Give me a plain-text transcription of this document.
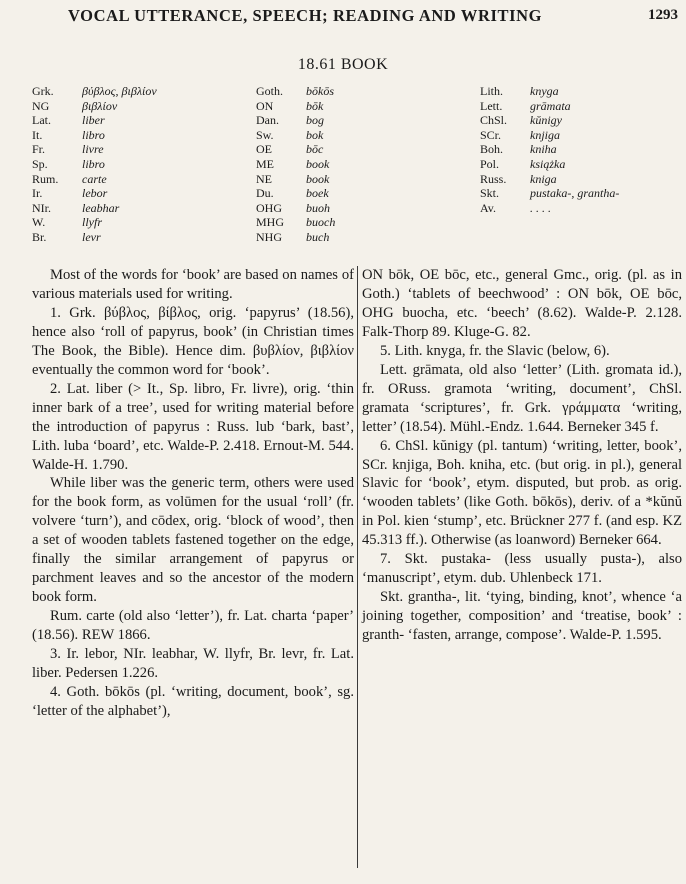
VOCAL UTTERANCE, SPEECH; READING AND WRITING	1293
18.61 BOOK
Grk.	βύβλος, βιβλίον
NG	βιβλίον
Lat.	liber
It.	libro
Fr.	livre
Sp.	libro
Rum.	carte
Ir.	lebor
NIr.	leabhar
W.	llyfr
Br.	levr
Goth.	bōkōs
ON	bōk
Dan.	bog
Sw.	bok
OE	bōc
ME	book
NE	book
Du.	boek
OHG	buoh
MHG	buoch
NHG	buch
Lith.	knyga
Lett.	grāmata
ChSl.	kŭnigy
SCr.	knjiga
Boh.	kniha
Pol.	książka
Russ.	kniga
Skt.	pustaka-, grantha-
Av.	. . . .

Most of the words for ‘book’ are based on names of various materials used for writing.

1. Grk. βύβλος, βίβλος, orig. ‘papyrus’ (18.56), hence also ‘roll of papyrus, book’ (in Christian times The Book, the Bible). Hence dim. βυβλίον, βιβλίον eventually the common word for ‘book’.

2. Lat. liber (> It., Sp. libro, Fr. livre), orig. ‘thin inner bark of a tree’, used for writing material before the introduction of papyrus : Russ. lub ‘bark, bast’, Lith. luba ‘board’, etc. Walde-P. 2.418. Ernout-M. 544. Walde-H. 1.790.

While liber was the generic term, others were used for the book form, as volūmen for the usual ‘roll’ (fr. volvere ‘turn’), and cōdex, orig. ‘block of wood’, then a set of wooden tablets fastened together on the edge, finally the similar arrangement of papyrus or parchment leaves and so the ancestor of the modern book form.

Rum. carte (old also ‘letter’), fr. Lat. charta ‘paper’ (18.56). REW 1866.

3. Ir. lebor, NIr. leabhar, W. llyfr, Br. levr, fr. Lat. liber. Pedersen 1.226.

4. Goth. bōkōs (pl. ‘writing, document, book’, sg. ‘letter of the alphabet’),

ON bōk, OE bōc, etc., general Gmc., orig. (pl. as in Goth.) ‘tablets of beechwood’ : ON bōk, OE bōc, OHG buocha, etc. ‘beech’ (8.62). Walde-P. 2.128. Falk-Thorp 89. Kluge-G. 82.

5. Lith. knyga, fr. the Slavic (below, 6).

Lett. grāmata, old also ‘letter’ (Lith. gromata id.), fr. ORuss. gramota ‘writing, document’, ChSl. gramata ‘scriptures’, fr. Grk. γράμματα ‘writing, letter’ (18.54). Mühl.-Endz. 1.644. Berneker 345 f.

6. ChSl. kŭnigy (pl. tantum) ‘writing, letter, book’, SCr. knjiga, Boh. kniha, etc. (but orig. in pl.), general Slavic for ‘book’, etym. disputed, but prob. as orig. ‘wooden tablets’ (like Goth. bōkōs), deriv. of a *kŭnŭ in Pol. kien ‘stump’, etc. Brückner 277 f. (and esp. KZ 45.313 ff.). Otherwise (as loanword) Berneker 664.

7. Skt. pustaka- (less usually pusta-), also ‘manuscript’, etym. dub. Uhlenbeck 171.

Skt. grantha-, lit. ‘tying, binding, knot’, whence ‘a joining together, composition’ and ‘treatise, book’ : granth- ‘fasten, arrange, compose’. Walde-P. 1.595.
